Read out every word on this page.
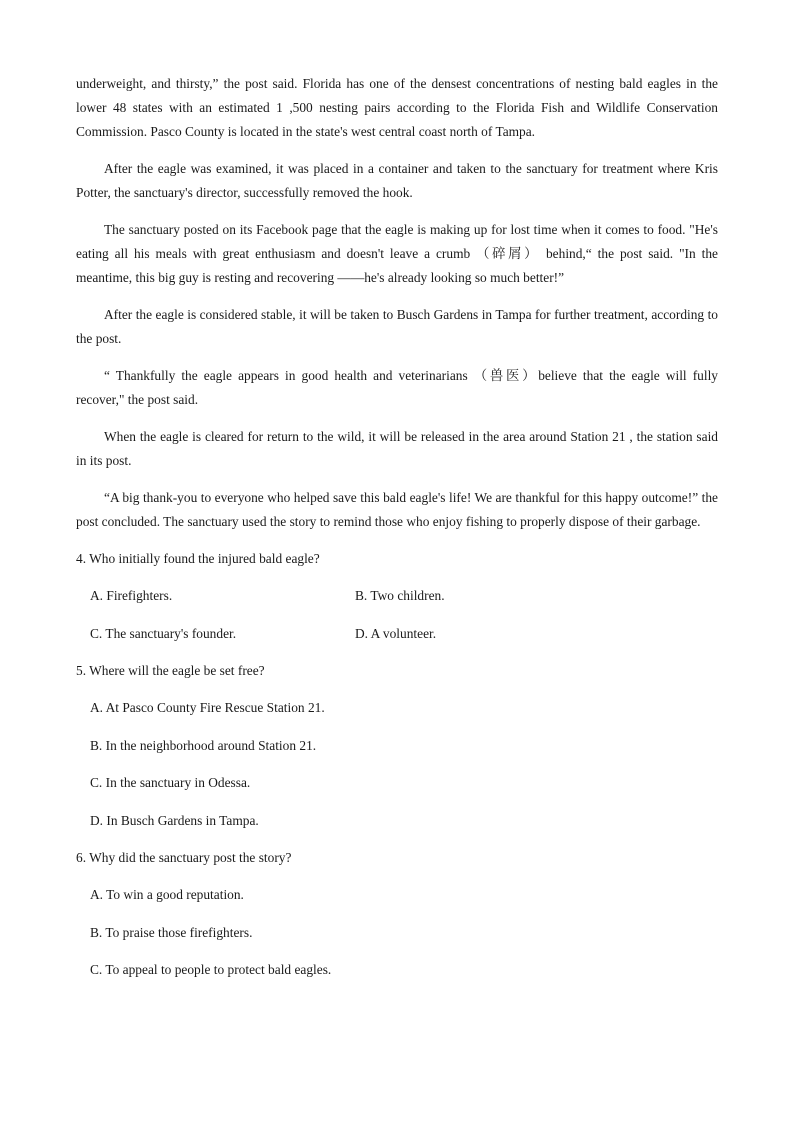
underweight, and thirsty,” the post said. Florida has one of the densest concentrations of nesting bald eagles in the lower 48 states with an estimated 1 ,500 nesting pairs according to the Florida Fish and Wildlife Conservation Commission. Pasco County is located in the state's west central coast north of Tampa.

After the eagle was examined, it was placed in a container and taken to the sanctuary for treatment where Kris Potter, the sanctuary's director, successfully removed the hook.

The sanctuary posted on its Facebook page that the eagle is making up for lost time when it comes to food. "He's eating all his meals with great enthusiasm and doesn't leave a crumb （碎屑） behind,“ the post said. "In the meantime, this big guy is resting and recovering ——he's already looking so much better!”

After the eagle is considered stable, it will be taken to Busch Gardens in Tampa for further treatment, according to the post.

“ Thankfully the eagle appears in good health and veterinarians （兽医）believe that the eagle will fully recover," the post said.

When the eagle is cleared for return to the wild, it will be released in the area around Station 21 , the station said in its post.

“A big thank-you to everyone who helped save this bald eagle's life! We are thankful for this happy outcome!” the post concluded. The sanctuary used the story to remind those who enjoy fishing to properly dispose of their garbage.

4. Who initially found the injured bald eagle?

A. Firefighters.	B. Two children.
C. The sanctuary's founder.	D. A volunteer.

5. Where will the eagle be set free?

A. At Pasco County Fire Rescue Station 21.
B. In the neighborhood around Station 21.
C. In the sanctuary in Odessa.
D. In Busch Gardens in Tampa.

6. Why did the sanctuary post the story?

A. To win a good reputation.
B. To praise those firefighters.
C. To appeal to people to protect bald eagles.
